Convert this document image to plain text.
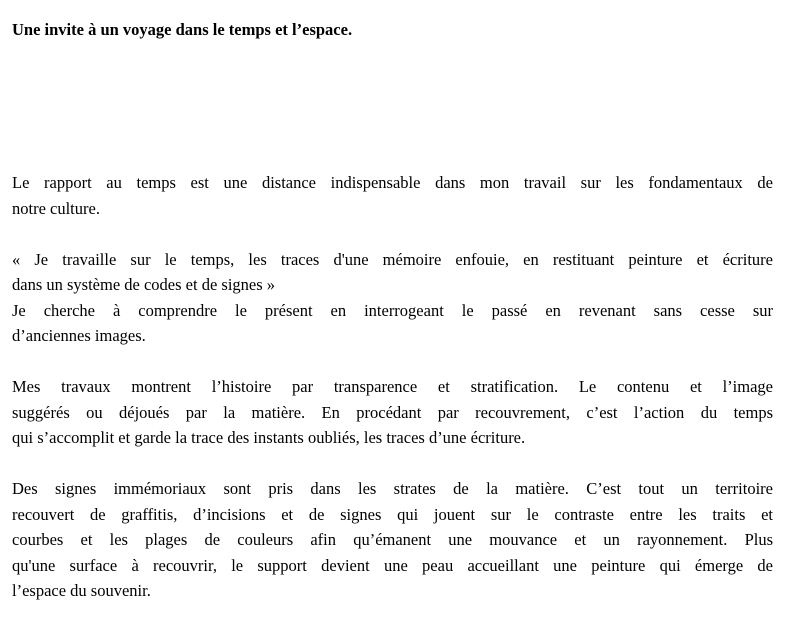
Une invite à un voyage dans le temps et l’espace.

Le rapport au temps est une distance indispensable dans mon travail sur les fondamentaux de
notre culture.

« Je travaille sur le temps, les traces d'une mémoire enfouie, en restituant peinture et écriture
dans un système de codes et de signes »
Je cherche à comprendre le présent en interrogeant le passé en revenant sans cesse sur
d’anciennes images.

Mes travaux montrent l’histoire par transparence et stratification. Le contenu et l’image
suggérés ou déjoués par la matière. En procédant par recouvrement, c’est l’action du temps
qui s’accomplit et garde la trace des instants oubliés, les traces d’une écriture.

Des signes immémoriaux sont pris dans les strates de la matière. C’est tout un territoire
recouvert de graffitis, d’incisions et de signes qui jouent sur le contraste entre les traits et
courbes et les plages de couleurs afin qu’émanent une mouvance et un rayonnement. Plus
qu'une surface à recouvrir, le support devient une peau accueillant une peinture qui émerge de
l’espace du souvenir.
